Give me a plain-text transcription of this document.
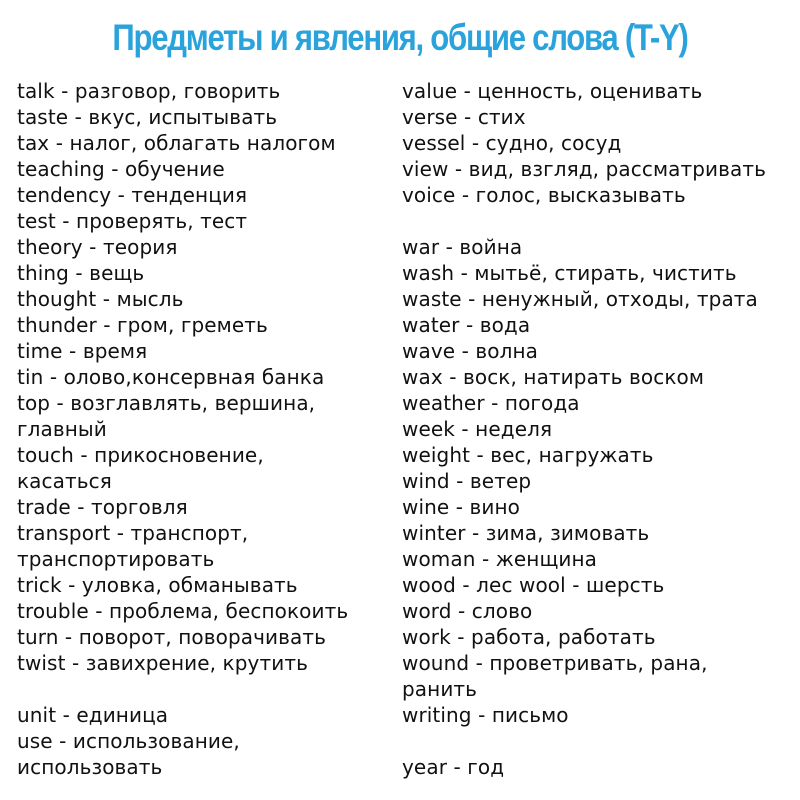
Предметы и явления, общие слова (T-Y)
talk - разговор, говорить
taste - вкус, испытывать
tax - налог, облагать налогом
teaching - обучение
tendency - тенденция
test - проверять, тест
theory - теория
thing - вещь
thought - мысль
thunder - гром, греметь
time - время
tin - олово,консервная банка
top - возглавлять, вершина,
главный
touch - прикосновение,
касаться
trade - торговля
transport - транспорт,
транспортировать
trick - уловка, обманывать
trouble - проблема, беспокоить
turn - поворот, поворачивать
twist - завихрение, крутить
unit - единица
use - использование,
использовать
value - ценность, оценивать
verse - стих
vessel - судно, сосуд
view - вид, взгляд, рассматривать
voice - голос, высказывать
war - война
wash - мытьё, стирать, чистить
waste - ненужный, отходы, трата
water - вода
wave - волна
wax - воск, натирать воском
weather - погода
week - неделя
weight - вес, нагружать
wind - ветер
wine - вино
winter - зима, зимовать
woman - женщина
wood - лес wool - шерсть
word - слово
work - работа, работать
wound - проветривать, рана,
ранить
writing - письмо
year - год
